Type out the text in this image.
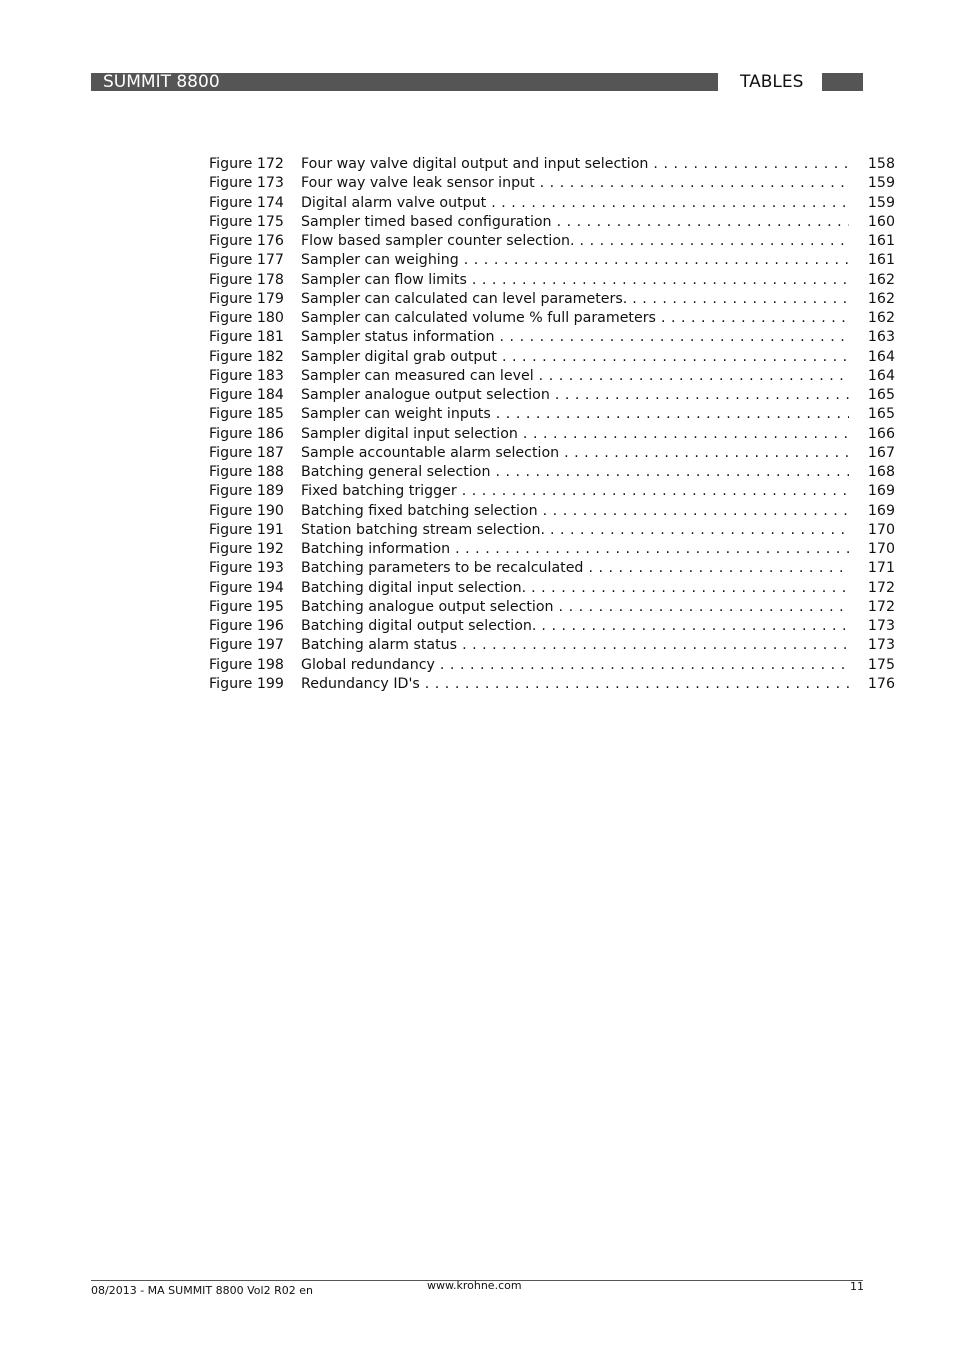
SUMMIT 8800	TABLES
Figure 172	Four way valve digital output and input selection . . .	158
Figure 173	Four way valve leak sensor input . . .	159
Figure 174	Digital alarm valve output . . .	159
Figure 175	Sampler timed based configuration . . .	160
Figure 176	Flow based sampler counter selection. . . .	161
Figure 177	Sampler can weighing . . .	161
Figure 178	Sampler can flow limits . . .	162
Figure 179	Sampler can calculated can level parameters. . . .	162
Figure 180	Sampler can calculated volume % full parameters . . .	162
Figure 181	Sampler status information . . .	163
Figure 182	Sampler digital grab output . . .	164
Figure 183	Sampler can measured can level . . .	164
Figure 184	Sampler analogue output selection . . .	165
Figure 185	Sampler can weight inputs . . .	165
Figure 186	Sampler digital input selection . . .	166
Figure 187	Sample accountable alarm selection . . .	167
Figure 188	Batching general selection . . .	168
Figure 189	Fixed batching trigger . . .	169
Figure 190	Batching fixed batching selection . . .	169
Figure 191	Station batching stream selection. . . .	170
Figure 192	Batching information . . .	170
Figure 193	Batching parameters to be recalculated . . .	171
Figure 194	Batching digital input selection. . . .	172
Figure 195	Batching analogue output selection . . .	172
Figure 196	Batching digital output selection. . . .	173
Figure 197	Batching alarm status . . .	173
Figure 198	Global redundancy . . .	175
Figure 199	Redundancy ID's . . .	176
08/2013 - MA SUMMIT 8800 Vol2 R02 en	www.krohne.com	11
